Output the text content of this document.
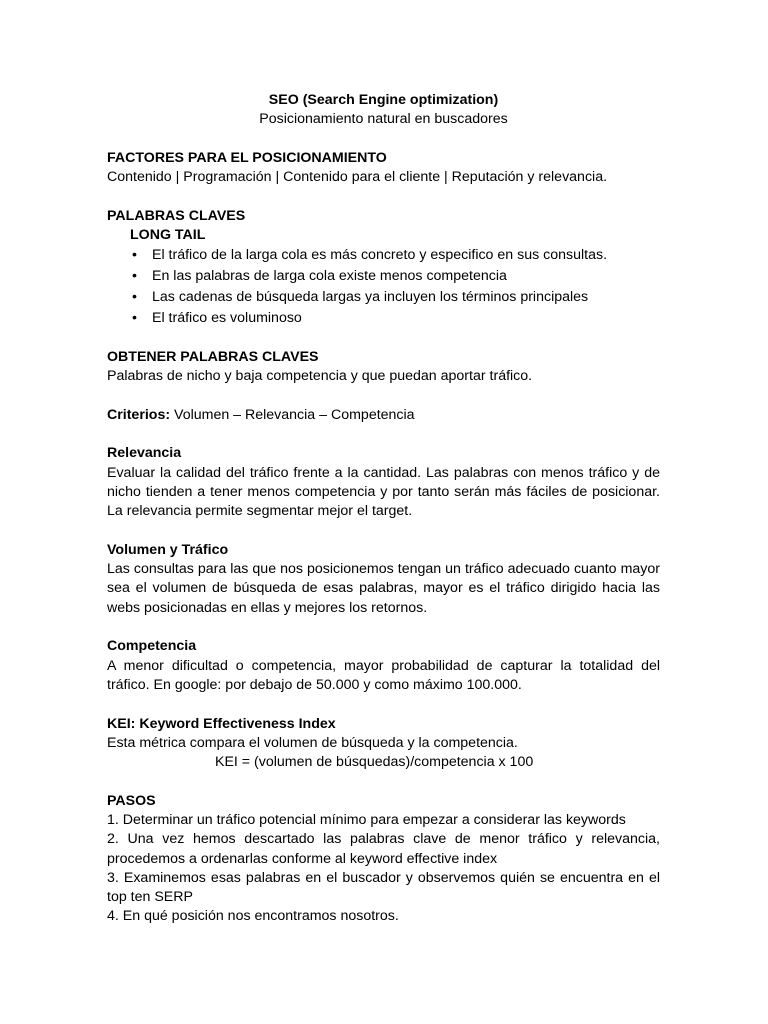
SEO (Search Engine optimization)
Posicionamiento natural en buscadores
FACTORES PARA EL POSICIONAMIENTO
Contenido | Programación | Contenido para el cliente | Reputación y relevancia.
PALABRAS CLAVES
LONG TAIL
• El tráfico de la larga cola es más concreto y especifico en sus consultas.
• En las palabras de larga cola existe menos competencia
• Las cadenas de búsqueda largas ya incluyen los términos principales
• El tráfico es voluminoso
OBTENER PALABRAS CLAVES
Palabras de nicho y baja competencia y que puedan aportar tráfico.
Criterios: Volumen – Relevancia – Competencia
Relevancia

Evaluar la calidad del tráfico frente a la cantidad. Las palabras con menos tráfico y de nicho tienden a tener menos competencia y por tanto serán más fáciles de posicionar. La relevancia permite segmentar mejor el target.

Volumen y Tráfico

Las consultas para las que nos posicionemos tengan un tráfico adecuado cuanto mayor sea el volumen de búsqueda de esas palabras, mayor es el tráfico dirigido hacia las webs posicionadas en ellas y mejores los retornos.

Competencia

A menor dificultad o competencia, mayor probabilidad de capturar la totalidad del tráfico. En google: por debajo de 50.000 y como máximo 100.000.

KEI: Keyword Effectiveness Index
Esta métrica compara el volumen de búsqueda y la competencia.
KEI = (volumen de búsquedas)/competencia x 100
PASOS

1. Determinar un tráfico potencial mínimo para empezar a considerar las keywords

2. Una vez hemos descartado las palabras clave de menor tráfico y relevancia, procedemos a ordenarlas conforme al keyword effective index

3. Examinemos esas palabras en el buscador y observemos quién se encuentra en el top ten SERP

4. En qué posición nos encontramos nosotros.
